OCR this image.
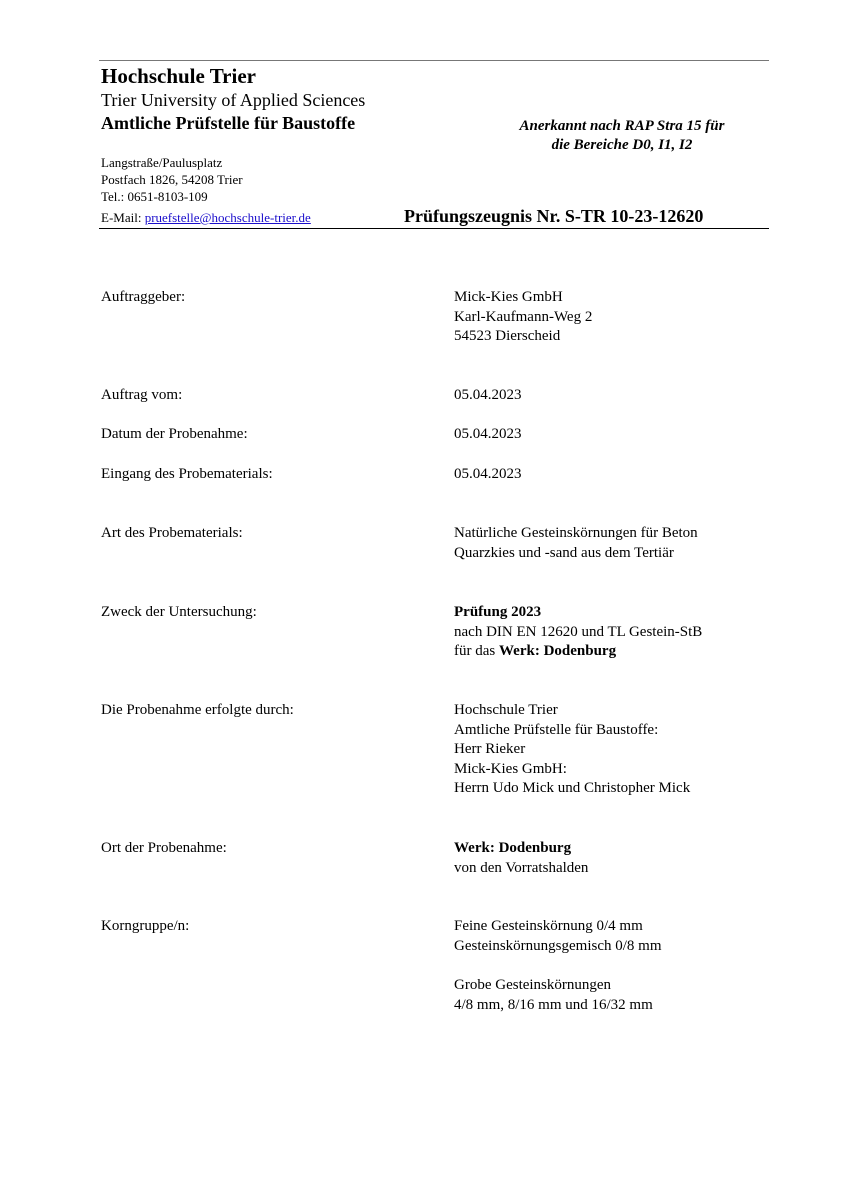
Hochschule Trier
Trier University of Applied Sciences
Amtliche Prüfstelle für Baustoffe	Anerkannt nach RAP Stra 15 für
die Bereiche D0, I1, I2
Langstraße/Paulusplatz
Postfach 1826, 54208 Trier
Tel.: 0651-8103-109
E-Mail: pruefstelle@hochschule-trier.de	Prüfungszeugnis Nr. S-TR 10-23-12620
Auftraggeber:	Mick-Kies GmbH
Karl-Kaufmann-Weg 2
54523 Dierscheid
Auftrag vom:	05.04.2023
Datum der Probenahme:	05.04.2023
Eingang des Probematerials:	05.04.2023
Art des Probematerials:	Natürliche Gesteinskörnungen für Beton
Quarzkies und -sand aus dem Tertiär
Zweck der Untersuchung:	Prüfung 2023
nach DIN EN 12620 und TL Gestein-StB
für das Werk: Dodenburg
Die Probenahme erfolgte durch:	Hochschule Trier
Amtliche Prüfstelle für Baustoffe:
Herr Rieker
Mick-Kies GmbH:
Herrn Udo Mick und Christopher Mick
Ort der Probenahme:	Werk: Dodenburg
von den Vorratshalden
Korngruppe/n:	Feine Gesteinskörnung 0/4 mm
Gesteinskörnungsgemisch 0/8 mm
Grobe Gesteinskörnungen
4/8 mm, 8/16 mm und 16/32 mm
